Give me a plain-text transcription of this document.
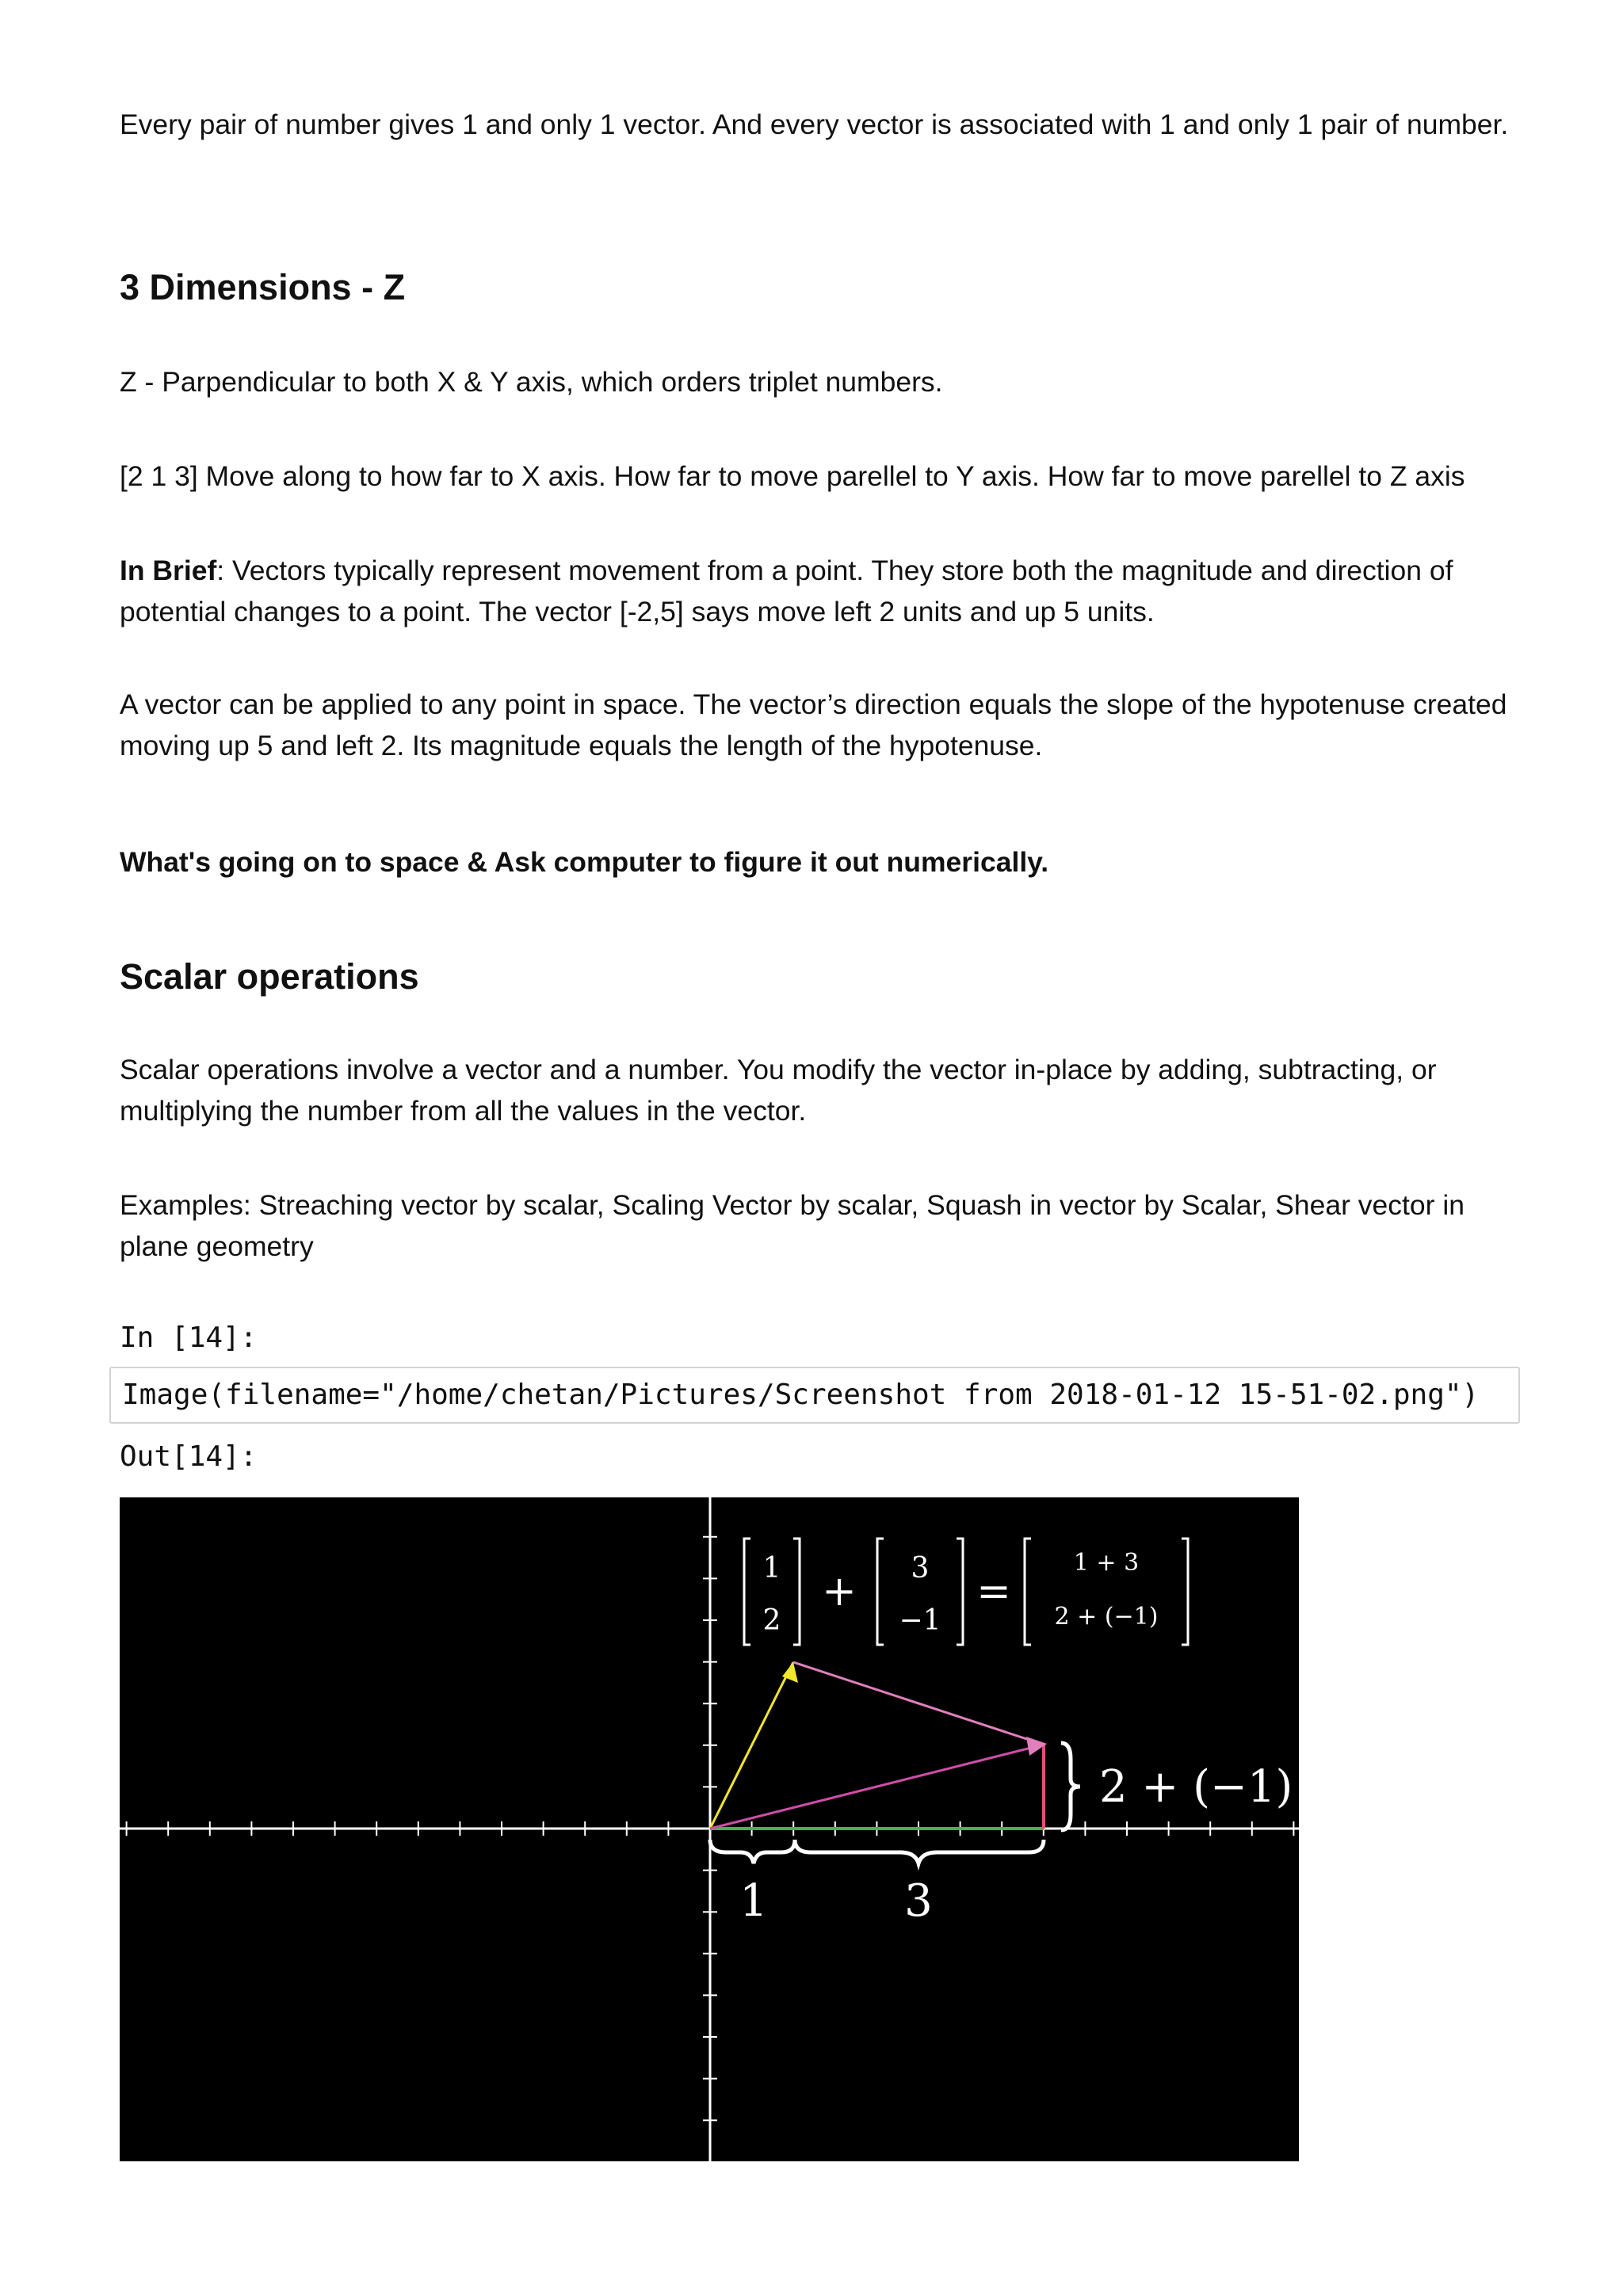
Every pair of number gives 1 and only 1 vector. And every vector is associated with 1 and only 1 pair of number.

3 Dimensions - Z

Z - Parpendicular to both X & Y axis, which orders triplet numbers.

[2 1 3] Move along to how far to X axis. How far to move parellel to Y axis. How far to move parellel to Z axis

In Brief: Vectors typically represent movement from a point. They store both the magnitude and direction of potential changes to a point. The vector [-2,5] says move left 2 units and up 5 units.

A vector can be applied to any point in space. The vector’s direction equals the slope of the hypotenuse created moving up 5 and left 2. Its magnitude equals the length of the hypotenuse.

What's going on to space & Ask computer to figure it out numerically.

Scalar operations

Scalar operations involve a vector and a number. You modify the vector in-place by adding, subtracting, or multiplying the number from all the values in the vector.

Examples: Streaching vector by scalar, Scaling Vector by scalar, Squash in vector by Scalar, Shear vector in plane geometry

In [14]:

Image(filename="/home/chetan/Pictures/Screenshot from 2018-01-12 15-51-02.png")

Out[14]:

1
2
+ 3
−1
=
1 + 3
2 + (−1)
2 + (−1)
1	3
